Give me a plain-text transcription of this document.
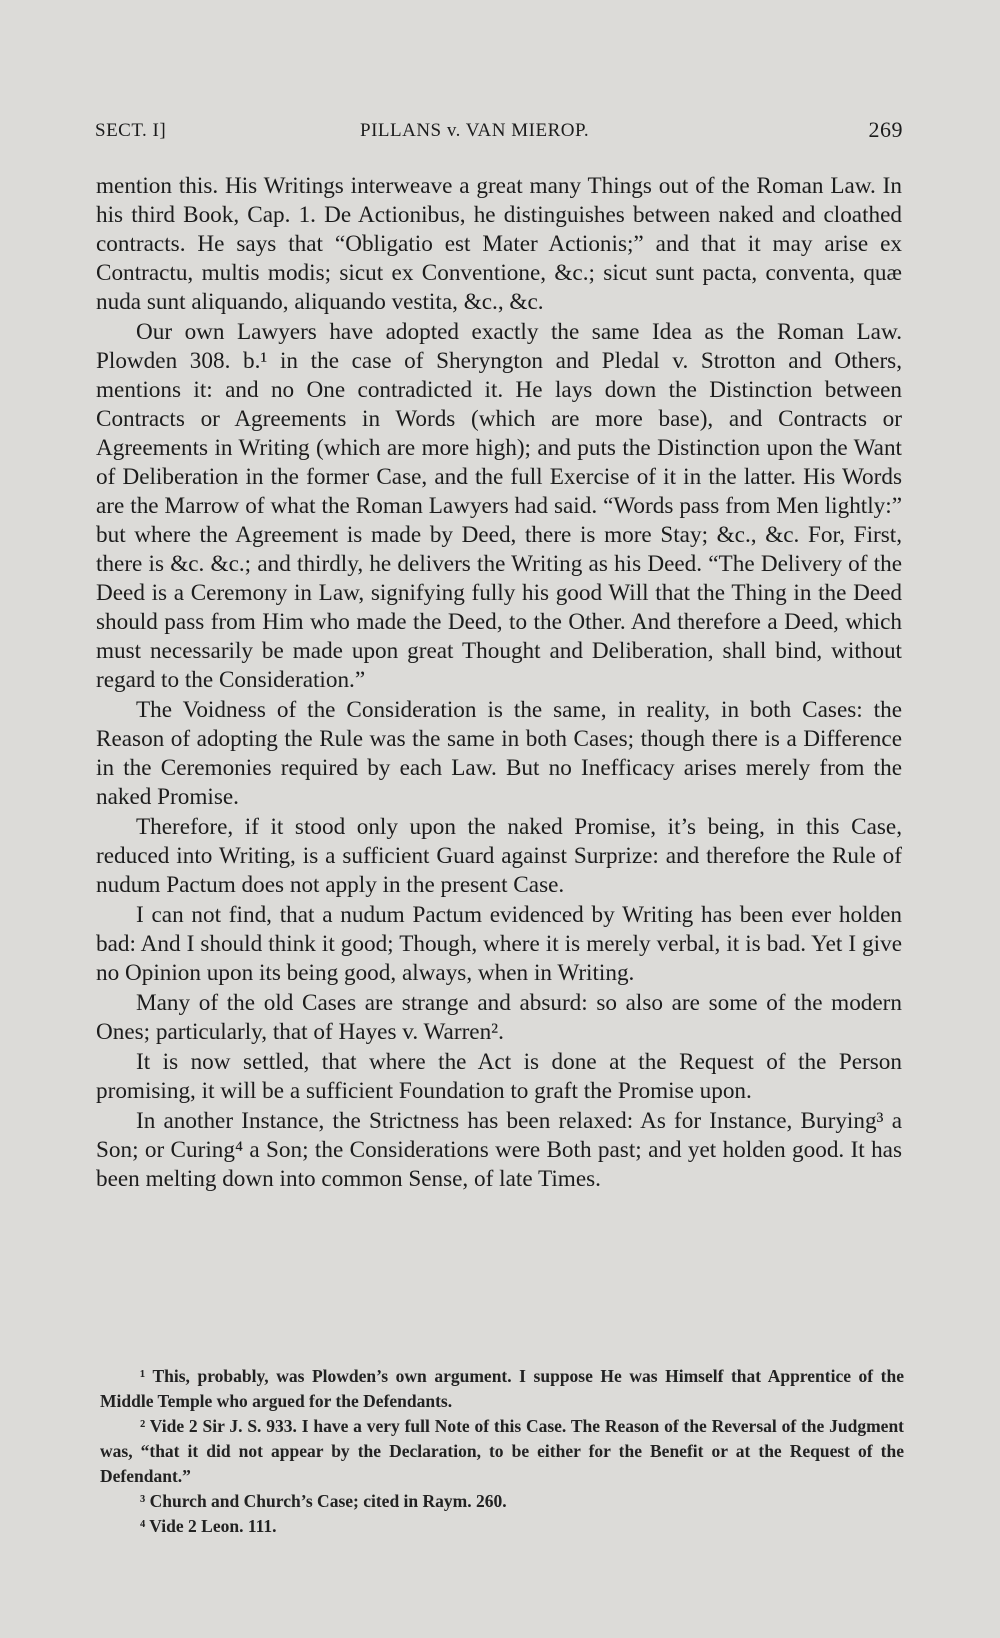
SECT. I]	PILLANS v. VAN MIEROP.	269

mention this. His Writings interweave a great many Things out of the Roman Law. In his third Book, Cap. 1. De Actionibus, he distinguishes between naked and cloathed contracts. He says that “Obligatio est Mater Actionis;” and that it may arise ex Contractu, multis modis; sicut ex Conventione, &c.; sicut sunt pacta, conventa, quæ nuda sunt aliquando, aliquando vestita, &c., &c.

Our own Lawyers have adopted exactly the same Idea as the Roman Law. Plowden 308. b.¹ in the case of Sheryngton and Pledal v. Strotton and Others, mentions it: and no One contradicted it. He lays down the Distinction between Contracts or Agreements in Words (which are more base), and Contracts or Agreements in Writing (which are more high); and puts the Distinction upon the Want of Deliberation in the former Case, and the full Exercise of it in the latter. His Words are the Marrow of what the Roman Lawyers had said. “Words pass from Men lightly:” but where the Agreement is made by Deed, there is more Stay; &c., &c. For, First, there is &c. &c.; and thirdly, he delivers the Writing as his Deed. “The Delivery of the Deed is a Ceremony in Law, signifying fully his good Will that the Thing in the Deed should pass from Him who made the Deed, to the Other. And therefore a Deed, which must necessarily be made upon great Thought and Deliberation, shall bind, without regard to the Consideration.”

The Voidness of the Consideration is the same, in reality, in both Cases: the Reason of adopting the Rule was the same in both Cases; though there is a Difference in the Ceremonies required by each Law. But no Inefficacy arises merely from the naked Promise.

Therefore, if it stood only upon the naked Promise, it’s being, in this Case, reduced into Writing, is a sufficient Guard against Surprize: and therefore the Rule of nudum Pactum does not apply in the present Case.

I can not find, that a nudum Pactum evidenced by Writing has been ever holden bad: And I should think it good; Though, where it is merely verbal, it is bad. Yet I give no Opinion upon its being good, always, when in Writing.

Many of the old Cases are strange and absurd: so also are some of the modern Ones; particularly, that of Hayes v. Warren².

It is now settled, that where the Act is done at the Request of the Person promising, it will be a sufficient Foundation to graft the Promise upon.

In another Instance, the Strictness has been relaxed: As for Instance, Burying³ a Son; or Curing⁴ a Son; the Considerations were Both past; and yet holden good. It has been melting down into common Sense, of late Times.

¹ This, probably, was Plowden’s own argument. I suppose He was Himself that Apprentice of the Middle Temple who argued for the Defendants.

² Vide 2 Sir J. S. 933. I have a very full Note of this Case. The Reason of the Reversal of the Judgment was, “that it did not appear by the Declaration, to be either for the Benefit or at the Request of the Defendant.”

³ Church and Church’s Case; cited in Raym. 260.

⁴ Vide 2 Leon. 111.
